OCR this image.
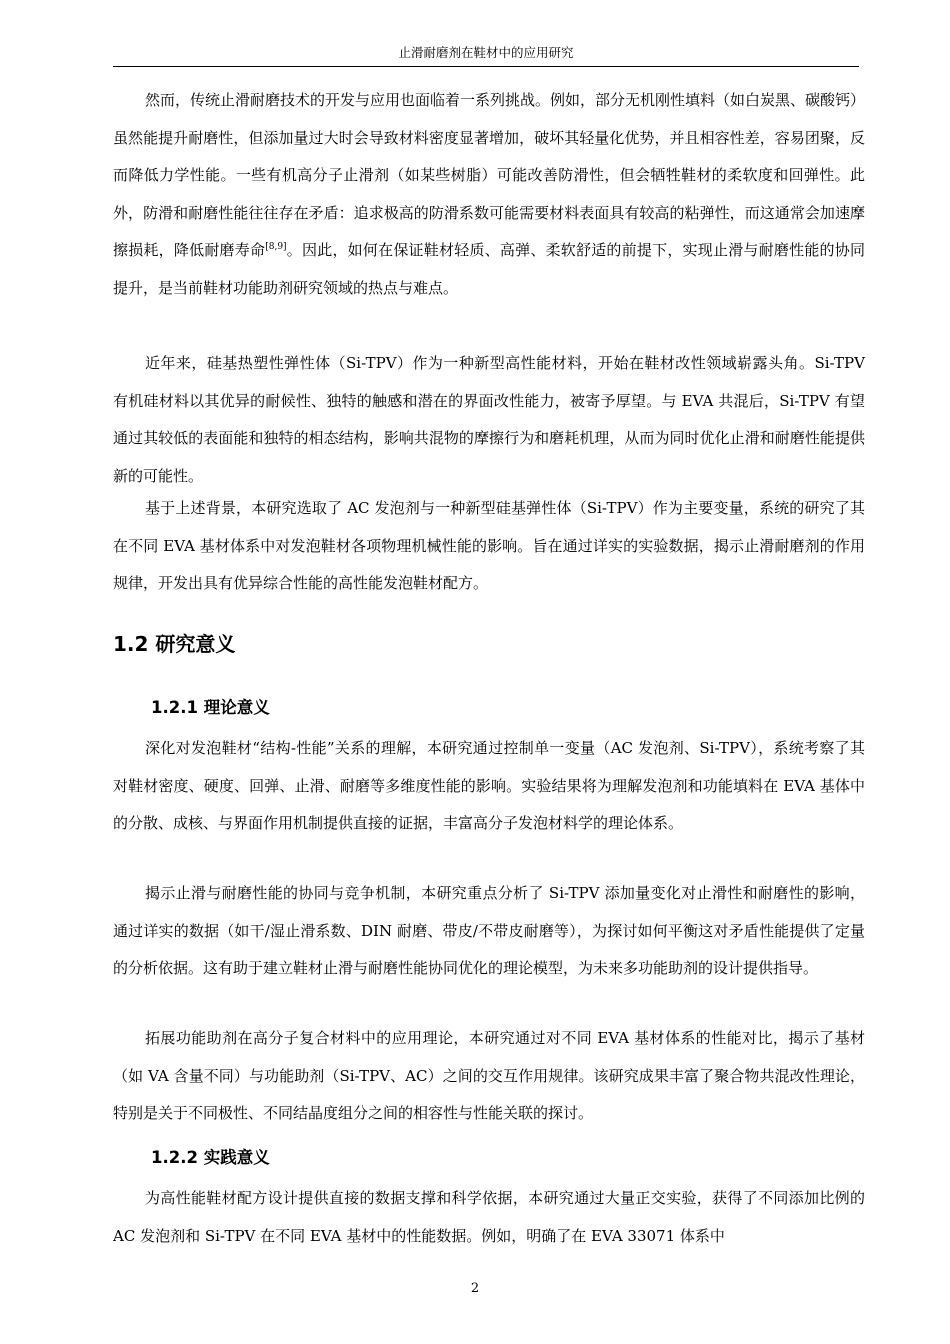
止滑耐磨剂在鞋材中的应用研究

然而，传统止滑耐磨技术的开发与应用也面临着一系列挑战。例如，部分无机刚性填料（如白炭黑、碳酸钙）虽然能提升耐磨性，但添加量过大时会导致材料密度显著增加，破坏其轻量化优势，并且相容性差，容易团聚，反而降低力学性能。一些有机高分子止滑剂（如某些树脂）可能改善防滑性，但会牺牲鞋材的柔软度和回弹性。此外，防滑和耐磨性能往往存在矛盾：追求极高的防滑系数可能需要材料表面具有较高的粘弹性，而这通常会加速摩擦损耗，降低耐磨寿命[8,9]。因此，如何在保证鞋材轻质、高弹、柔软舒适的前提下，实现止滑与耐磨性能的协同提升，是当前鞋材功能助剂研究领域的热点与难点。

近年来，硅基热塑性弹性体（Si-TPV）作为一种新型高性能材料，开始在鞋材改性领域崭露头角。Si-TPV 有机硅材料以其优异的耐候性、独特的触感和潜在的界面改性能力，被寄予厚望。与 EVA 共混后，Si-TPV 有望通过其较低的表面能和独特的相态结构，影响共混物的摩擦行为和磨耗机理，从而为同时优化止滑和耐磨性能提供新的可能性。

基于上述背景，本研究选取了 AC 发泡剂与一种新型硅基弹性体（Si-TPV）作为主要变量，系统的研究了其在不同 EVA 基材体系中对发泡鞋材各项物理机械性能的影响。旨在通过详实的实验数据，揭示止滑耐磨剂的作用规律，开发出具有优异综合性能的高性能发泡鞋材配方。

1.2 研究意义
1.2.1 理论意义

深化对发泡鞋材“结构-性能”关系的理解，本研究通过控制单一变量（AC 发泡剂、Si-TPV），系统考察了其对鞋材密度、硬度、回弹、止滑、耐磨等多维度性能的影响。实验结果将为理解发泡剂和功能填料在 EVA 基体中的分散、成核、与界面作用机制提供直接的证据，丰富高分子发泡材料学的理论体系。

揭示止滑与耐磨性能的协同与竞争机制，本研究重点分析了 Si-TPV 添加量变化对止滑性和耐磨性的影响，通过详实的数据（如干/湿止滑系数、DIN 耐磨、带皮/不带皮耐磨等），为探讨如何平衡这对矛盾性能提供了定量的分析依据。这有助于建立鞋材止滑与耐磨性能协同优化的理论模型，为未来多功能助剂的设计提供指导。

拓展功能助剂在高分子复合材料中的应用理论，本研究通过对不同 EVA 基材体系的性能对比，揭示了基材（如 VA 含量不同）与功能助剂（Si-TPV、AC）之间的交互作用规律。该研究成果丰富了聚合物共混改性理论，特别是关于不同极性、不同结晶度组分之间的相容性与性能关联的探讨。

1.2.2 实践意义

为高性能鞋材配方设计提供直接的数据支撑和科学依据，本研究通过大量正交实验，获得了不同添加比例的 AC 发泡剂和 Si-TPV 在不同 EVA 基材中的性能数据。例如，明确了在 EVA 33071 体系中

2
